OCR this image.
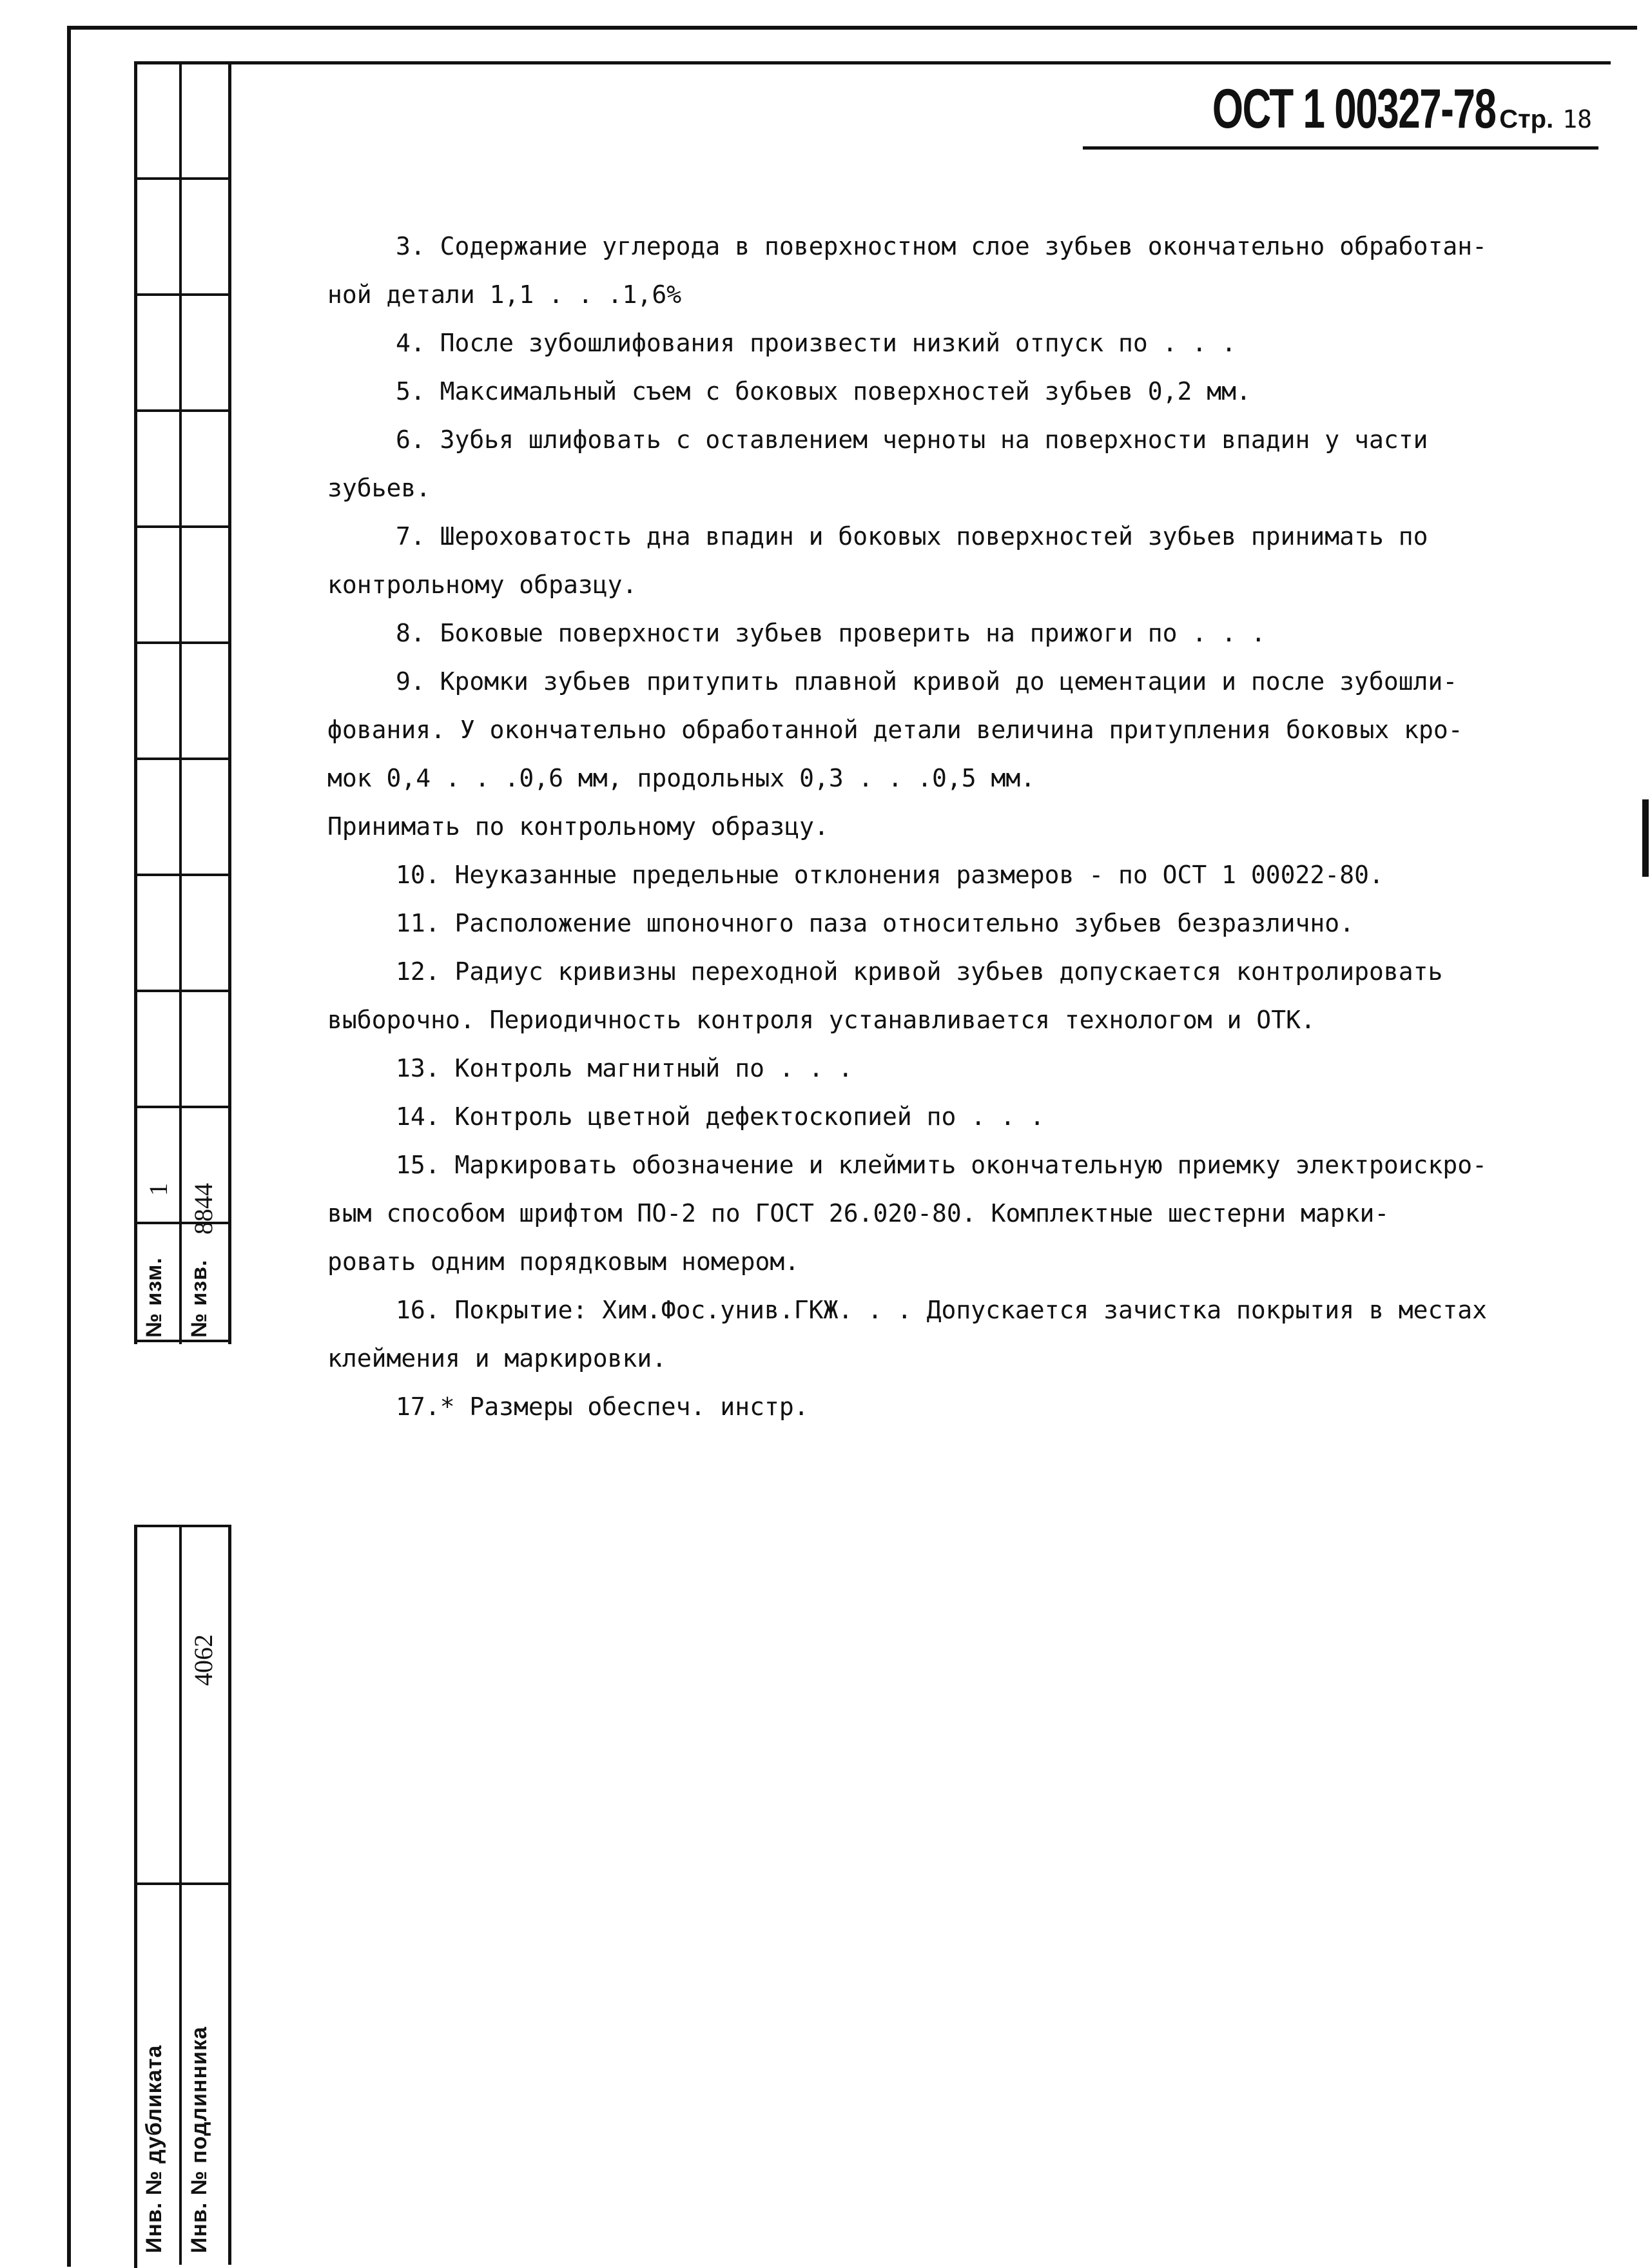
№ изм.
1
№ изв.
8844
4062
Инв. № дубликата Инв. № подлинника
ОСТ 1 00327-78 Стр. 18
3. Содержание углерода в поверхностном слое зубьев окончательно обработан-
ной детали 1,1 . . .1,6%
4. После зубошлифования произвести низкий отпуск по . . .
5. Максимальный съем с боковых поверхностей зубьев 0,2 мм.
6. Зубья шлифовать с оставлением черноты на поверхности впадин у части
зубьев.
7. Шероховатость дна впадин и боковых поверхностей зубьев принимать по
контрольному образцу.
8. Боковые поверхности зубьев проверить на прижоги по . . .
9. Кромки зубьев притупить плавной кривой до цементации и после зубошли-
фования. У окончательно обработанной детали величина притупления боковых кро-
мок 0,4 . . .0,6 мм, продольных 0,3 . . .0,5 мм.
Принимать по контрольному образцу.
10. Неуказанные предельные отклонения размеров - по ОСТ 1 00022-80.
11. Расположение шпоночного паза относительно зубьев безразлично.
12. Радиус кривизны переходной кривой зубьев допускается контролировать
выборочно. Периодичность контроля устанавливается технологом и ОТК.
13. Контроль магнитный по . . .
14. Контроль цветной дефектоскопией по . . .
15. Маркировать обозначение и клеймить окончательную приемку электроискро-
вым способом шрифтом ПО-2 по ГОСТ 26.020-80. Комплектные шестерни марки-
ровать одним порядковым номером.
16. Покрытие: Хим.Фос.унив.ГКЖ. . . Допускается зачистка покрытия в местах
клеймения и маркировки.
17.* Размеры обеспеч. инстр.
